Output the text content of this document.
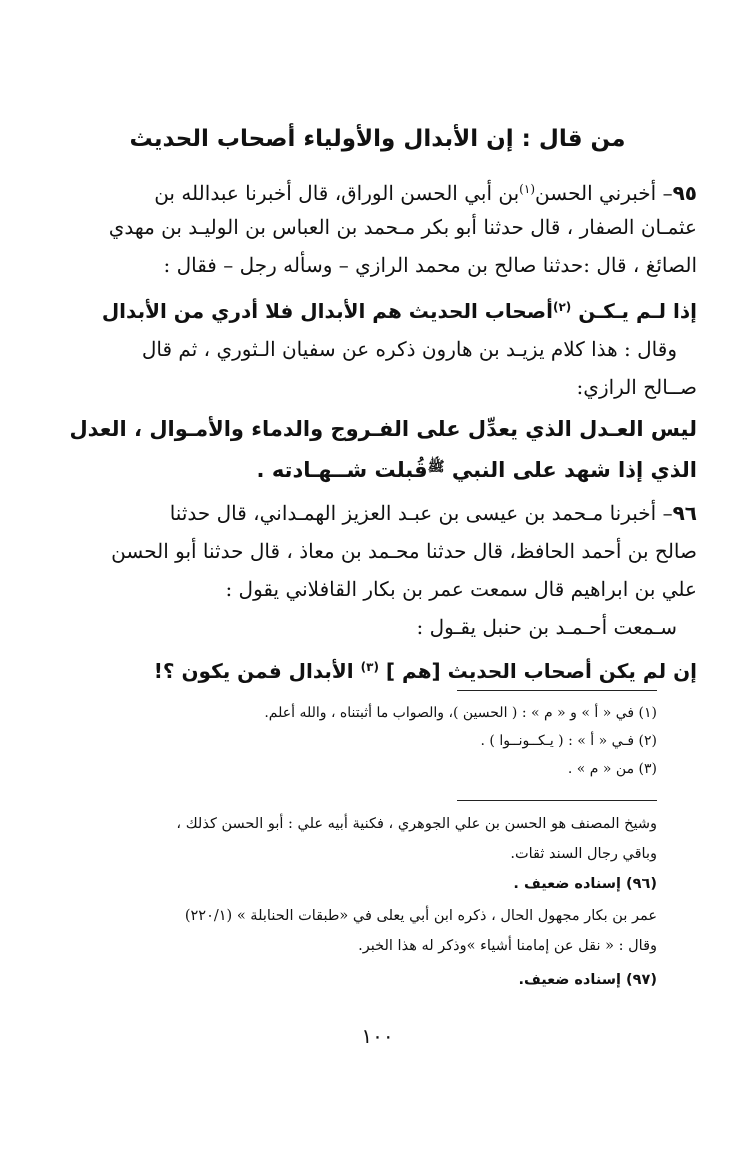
من قال : إن الأبدال والأولياء أصحاب الحديث
٩٥– أخبرني الحسن$^{(١)}$بن أبي الحسن الوراق، قال أخبرنا عبدالله بن
عثمـان الصفار ، قال حدثنا أبو بكر مـحمد بن العباس بن الوليـد بن مهدي
الصائغ ، قال :حدثنا صالح بن محمد الرازي – وسأله رجل – فقال :
إذا لـم يـكـن $^{(٢)}$أصحاب الحديث هم الأبدال فلا أدري من الأبدال
وقال : هذا كلام يزيـد بن هارون ذكره عن سفيان الـثوري ، ثم قال
صــالح الرازي:
ليس العـدل الذي يعدِّل على الفـروج والدماء والأمـوال ، العدل
الذي إذا شهد على النبي ﷺقُبلت شــهـادته .
٩٦– أخبرنا مـحمد بن عيسى بن عبـد العزيز الهمـداني، قال حدثنا
صالح بن أحمد الحافظ، قال حدثنا محـمد بن معاذ ، قال حدثنا أبو الحسن
علي بن ابراهيم قال سمعت عمر بن بكار القافلاني يقول :
سـمعت أحـمـد بن حنبل يقـول :
إن لم يكن أصحاب الحديث [هم ] $^{(٣)}$ الأبدال فمن يكون ؟!
(١) في « أ » و « م » : ( الحسين )، والصواب ما أثبتناه ، والله أعلم.
(٢) فـي « أ » : ( يـكــونــوا ) .
(٣) من « م » .
وشيخ المصنف هو الحسن بن علي الجوهري ، فكنية أبيه علي : أبو الحسن كذلك ،
وباقي رجال السند ثقات.
(٩٦) إسناده ضعيف .
عمر بن بكار مجهول الحال ، ذكره ابن أبي يعلى في «طبقات الحنابلة » (٢٢٠/١)
وقال : « نقل عن إمامنا أشياء »وذكر له هذا الخبر.
(٩٧) إسناده ضعيف.
١٠٠
